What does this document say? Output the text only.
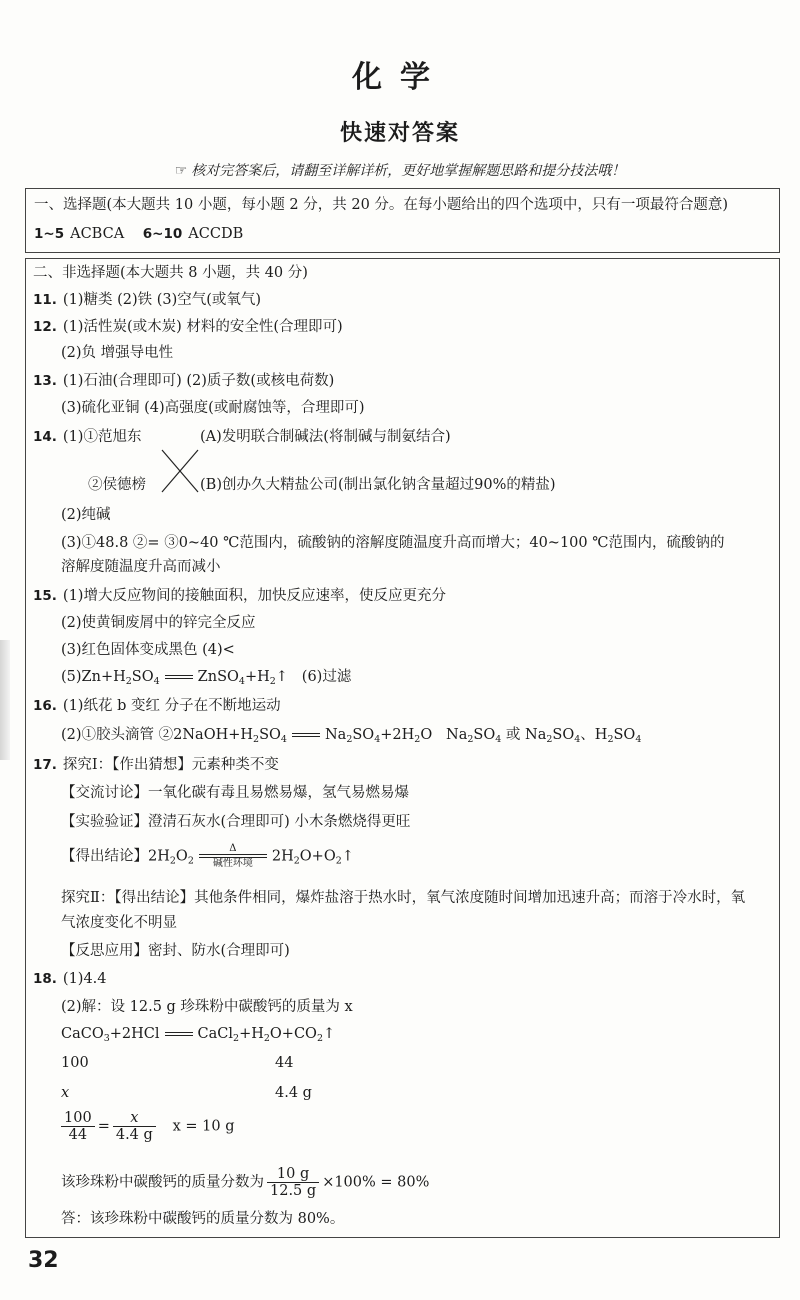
化学
快速对答案
☞ 核对完答案后，请翻至详解详析，更好地掌握解题思路和提分技法哦！
一、选择题(本大题共 10 小题，每小题 2 分，共 20 分。在每小题给出的四个选项中，只有一项最符合题意)
1~5 ACBCA 6~10 ACCDB
二、非选择题(本大题共 8 小题，共 40 分)
11. (1)糖类 (2)铁 (3)空气(或氧气)
12. (1)活性炭(或木炭) 材料的安全性(合理即可)
(2)负 增强导电性
13. (1)石油(合理即可) (2)质子数(或核电荷数)
(3)硫化亚铜 (4)高强度(或耐腐蚀等，合理即可)
14. (1)①范旭东	(A)发明联合制碱法(将制碱与制氨结合)
②侯德榜	(B)创办久大精盐公司(制出氯化钠含量超过90%的精盐)
(2)纯碱
(3)①48.8 ②= ③0~40 ℃范围内，硫酸钠的溶解度随温度升高而增大；40~100 ℃范围内，硫酸钠的
溶解度随温度升高而减小
15. (1)增大反应物间的接触面积，加快反应速率，使反应更充分
(2)使黄铜废屑中的锌完全反应
(3)红色固体变成黑色 (4)<
$(5)Zn+H_2SO_4$	$ZnSO_4+H_2↑$   (6)过滤
16. (1)纸花 b 变红 分子在不断地运动
(2)①胶头滴管 $②2NaOH+H_2SO_4$	$Na_2SO_4+2H_2O$   $Na_2SO_4$ 或 $Na_2SO_4$、$H_2SO_4$
17. 探究Ⅰ：【作出猜想】元素种类不变
【交流讨论】一氧化碳有毒且易燃易爆，氢气易燃易爆
【实验验证】澄清石灰水(合理即可) 小木条燃烧得更旺
【得出结论】$2H_2O_2$
Δ
碱性环境	$2H_2O+O_2↑$
探究Ⅱ：【得出结论】其他条件相同，爆炸盐溶于热水时，氧气浓度随时间增加迅速升高；而溶于冷水时，氧
气浓度变化不明显
【反思应用】密封、防水(合理即可)
18. (1)4.4
(2)解：设 12.5 g 珍珠粉中碳酸钙的质量为 x
CaCO$_3$+2HCl	$CaCl_2+H_2O+CO_2↑$
100	44
x	4.4 g
$\frac{100}{44} = \frac{x}{4.4 g}$ x = 10 g
该珍珠粉中碳酸钙的质量分数为 $\frac{10 g}{12.5 g} \times 100\% = 80\%$
答：该珍珠粉中碳酸钙的质量分数为 80%。
32
